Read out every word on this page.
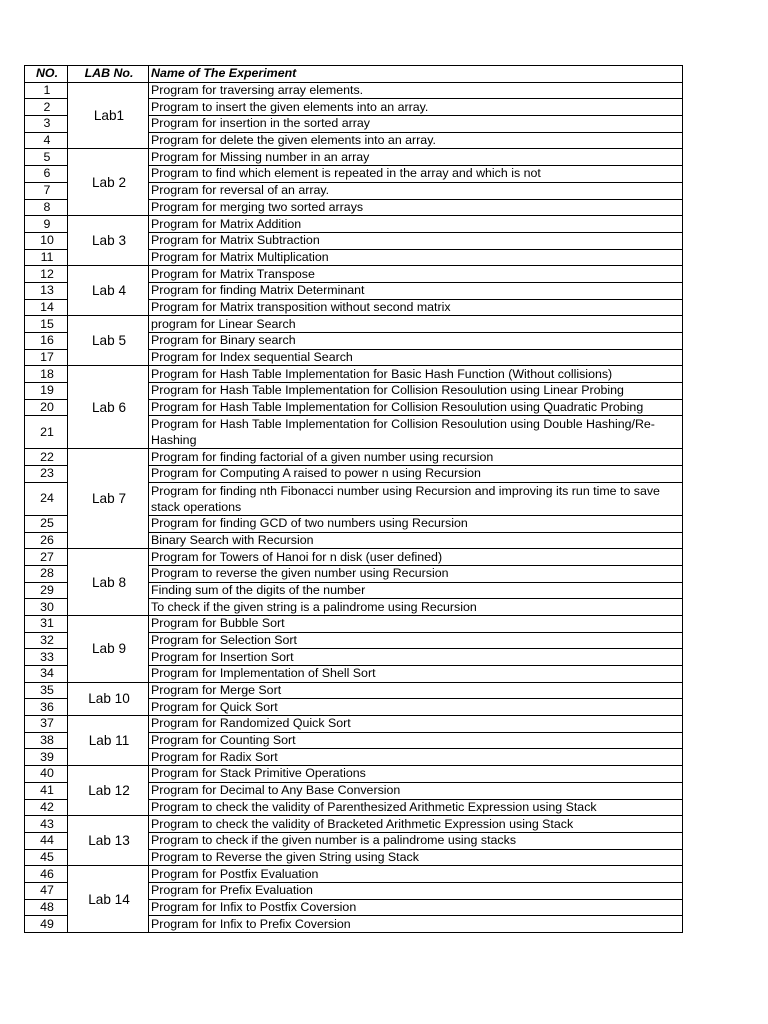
NO.	LAB No.	Name of The Experiment
1	Lab1	Program for traversing array elements.
2		Program to insert the given elements into an array.
3		Program for insertion in the sorted array
4		Program for delete the given elements into an array.
5	Lab 2	Program for Missing number in an array
6		Program to find which element is repeated in the array and which is not
7		Program for reversal of an array.
8		Program for merging two sorted arrays
9	Lab 3	Program for Matrix Addition
10		Program for Matrix Subtraction
11		Program for Matrix Multiplication
12	Lab 4	Program for Matrix Transpose
13		Program for finding Matrix Determinant
14		Program for Matrix transposition without second matrix
15	Lab 5	program for Linear Search
16		Program for Binary search
17		Program for Index sequential Search
18	Lab 6	Program for Hash Table Implementation for Basic Hash Function (Without collisions)
19		Program for Hash Table Implementation for Collision Resoulution using Linear Probing
20		Program for Hash Table Implementation for Collision Resoulution using Quadratic Probing
21		Program for Hash Table Implementation for Collision Resoulution using Double Hashing/Re-Hashing
22	Lab 7	Program for finding factorial of a given number using recursion
23		Program for Computing A raised to power n using Recursion
24		Program for finding nth Fibonacci number using Recursion and improving its run time to save stack operations
25		Program for finding GCD of two numbers using Recursion
26		Binary Search with Recursion
27	Lab 8	Program for Towers of Hanoi for n disk (user defined)
28		Program to reverse the given number using Recursion
29		Finding sum of the digits of the number
30		To check if the given string is a palindrome using Recursion
31	Lab 9	Program for Bubble Sort
32		Program for Selection Sort
33		Program for Insertion Sort
34		Program for Implementation of Shell Sort
35	Lab 10	Program for Merge Sort
36		Program for Quick Sort
37	Lab 11	Program for Randomized Quick Sort
38		Program for Counting Sort
39		Program for Radix Sort
40	Lab 12	Program for Stack Primitive Operations
41		Program for Decimal to Any Base Conversion
42		Program to check the validity of Parenthesized Arithmetic Expression using Stack
43	Lab 13	Program to check the validity of Bracketed Arithmetic Expression using Stack
44		Program to check if the given number is a palindrome using stacks
45		Program to Reverse the given String using Stack
46	Lab 14	Program for Postfix Evaluation
47		Program for Prefix Evaluation
48		Program for Infix to Postfix Coversion
49		Program for Infix to Prefix Coversion
